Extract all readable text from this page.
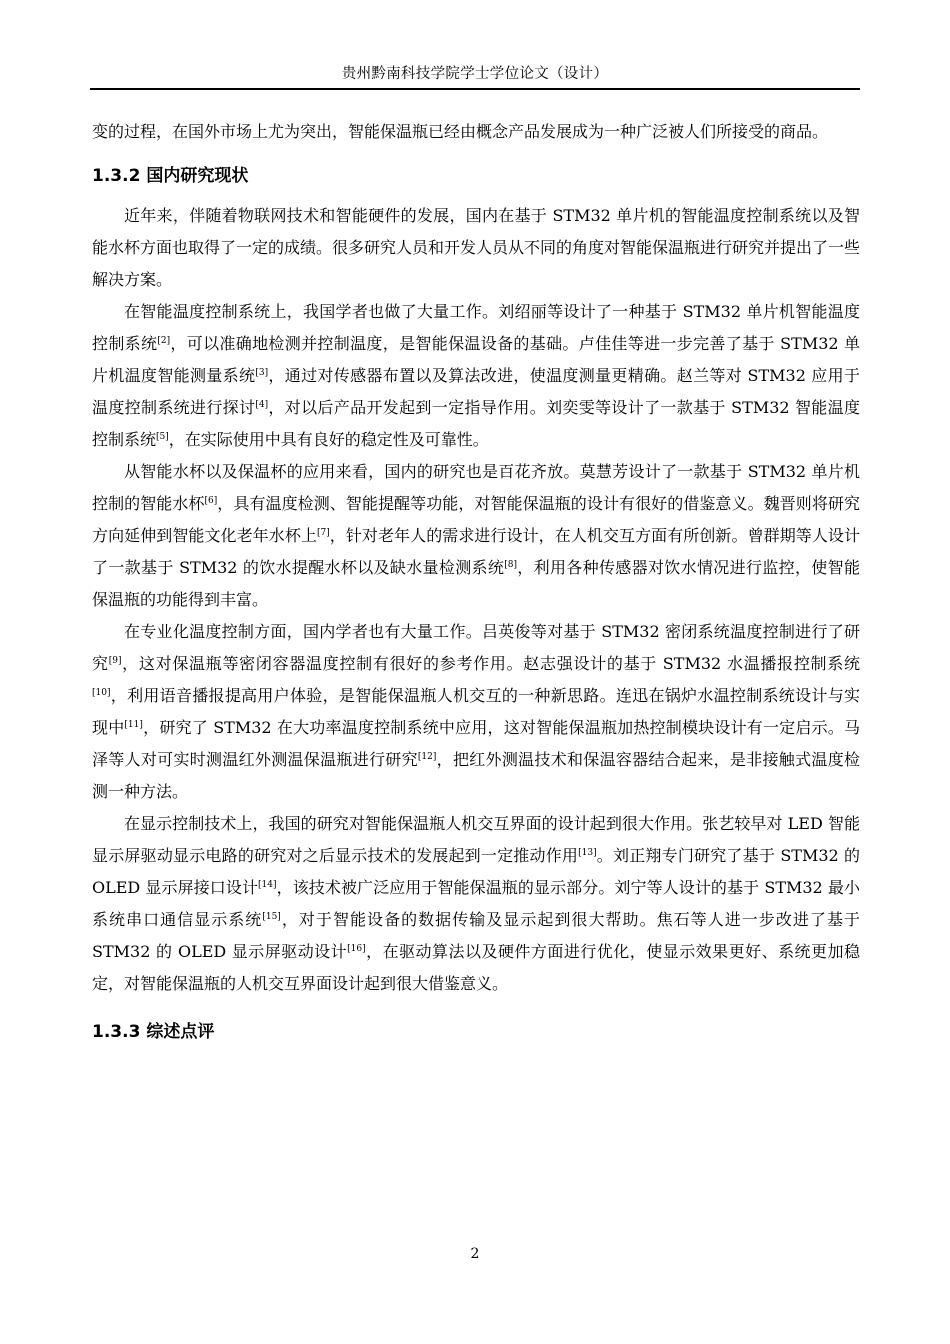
贵州黔南科技学院学士学位论文（设计）

变的过程，在国外市场上尤为突出，智能保温瓶已经由概念产品发展成为一种广泛被人们所接受的商品。

1.3.2 国内研究现状

近年来，伴随着物联网技术和智能硬件的发展，国内在基于 STM32 单片机的智能温度控制系统以及智能水杯方面也取得了一定的成绩。很多研究人员和开发人员从不同的角度对智能保温瓶进行研究并提出了一些解决方案。

在智能温度控制系统上，我国学者也做了大量工作。刘绍丽等设计了一种基于 STM32 单片机智能温度控制系统[2]，可以准确地检测并控制温度，是智能保温设备的基础。卢佳佳等进一步完善了基于 STM32 单片机温度智能测量系统[3]，通过对传感器布置以及算法改进，使温度测量更精确。赵兰等对 STM32 应用于温度控制系统进行探讨[4]，对以后产品开发起到一定指导作用。刘奕雯等设计了一款基于 STM32 智能温度控制系统[5]，在实际使用中具有良好的稳定性及可靠性。

从智能水杯以及保温杯的应用来看，国内的研究也是百花齐放。莫慧芳设计了一款基于 STM32 单片机控制的智能水杯[6]，具有温度检测、智能提醒等功能，对智能保温瓶的设计有很好的借鉴意义。魏晋则将研究方向延伸到智能文化老年水杯上[7]，针对老年人的需求进行设计，在人机交互方面有所创新。曾群期等人设计了一款基于 STM32 的饮水提醒水杯以及缺水量检测系统[8]，利用各种传感器对饮水情况进行监控，使智能保温瓶的功能得到丰富。

在专业化温度控制方面，国内学者也有大量工作。吕英俊等对基于 STM32 密闭系统温度控制进行了研究[9]，这对保温瓶等密闭容器温度控制有很好的参考作用。赵志强设计的基于 STM32 水温播报控制系统[10]，利用语音播报提高用户体验，是智能保温瓶人机交互的一种新思路。连迅在锅炉水温控制系统设计与实现中[11]，研究了 STM32 在大功率温度控制系统中应用，这对智能保温瓶加热控制模块设计有一定启示。马泽等人对可实时测温红外测温保温瓶进行研究[12]，把红外测温技术和保温容器结合起来，是非接触式温度检测一种方法。

在显示控制技术上，我国的研究对智能保温瓶人机交互界面的设计起到很大作用。张艺较早对 LED 智能显示屏驱动显示电路的研究对之后显示技术的发展起到一定推动作用[13]。刘正翔专门研究了基于 STM32 的 OLED 显示屏接口设计[14]，该技术被广泛应用于智能保温瓶的显示部分。刘宁等人设计的基于 STM32 最小系统串口通信显示系统[15]，对于智能设备的数据传输及显示起到很大帮助。焦石等人进一步改进了基于 STM32 的 OLED 显示屏驱动设计[16]，在驱动算法以及硬件方面进行优化，使显示效果更好、系统更加稳定，对智能保温瓶的人机交互界面设计起到很大借鉴意义。

1.3.3 综述点评
2
